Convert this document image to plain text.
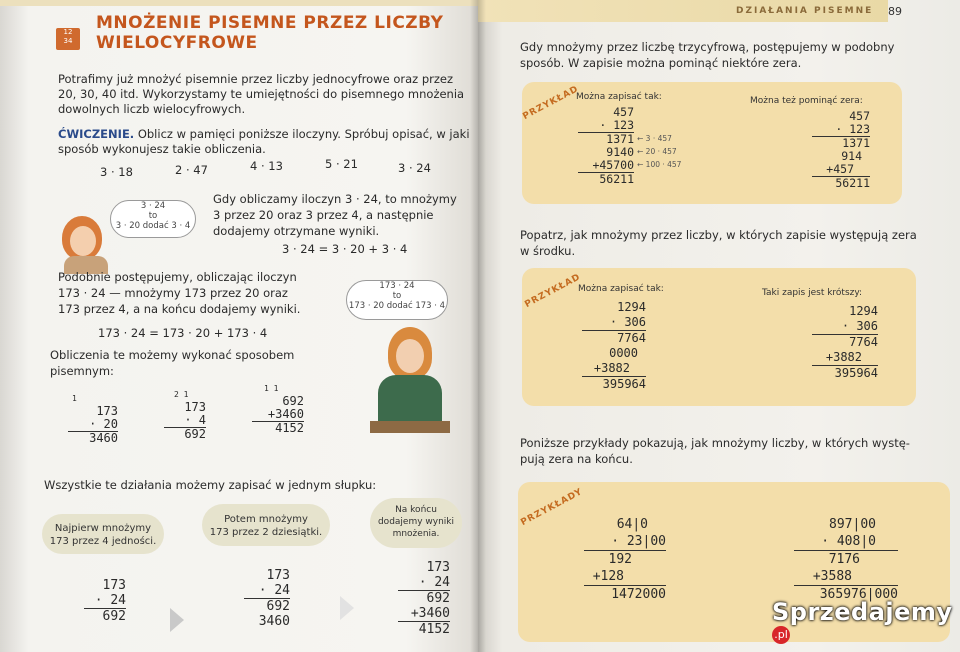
12
34
MNOŻENIE PISEMNE PRZEZ LICZBY
WIELOCYFROWE
Potrafimy już mnożyć pisemnie przez liczby jednocyfrowe oraz przez
20, 30, 40 itd. Wykorzystamy te umiejętności do pisemnego mnożenia
dowolnych liczb wielocyfrowych.
ĆWICZENIE. Oblicz w pamięci poniższe iloczyny. Spróbuj opisać, w jaki
sposób wykonujesz takie obliczenia.
3 · 18	2 · 47	4 · 13	5 · 21	3 · 24
3 · 24
to
3 · 20 dodać 3 · 4
Gdy obliczamy iloczyn 3 · 24, to mnożymy
3 przez 20 oraz 3 przez 4, a następnie
dodajemy otrzymane wyniki.
3 · 24 = 3 · 20 + 3 · 4
Podobnie postępujemy, obliczając iloczyn
173 · 24 — mnożymy 173 przez 20 oraz
173 przez 4, a na końcu dodajemy wyniki.
173 · 24 = 173 · 20 + 173 · 4
173 · 24
to
173 · 20 dodać 173 · 4
Obliczenia te możemy wykonać sposobem
pisemnym:
1
173
· 20
3460
2 1
173
· 4
692
1 1
692
+3460
4152
Wszystkie te działania możemy zapisać w jednym słupku:
Najpierw mnożymy
173 przez 4 jedności.
Potem mnożymy
173 przez 2 dziesiątki.
Na końcu
dodajemy wyniki
mnożenia.
173
· 24
692
173
· 24
692
3460
173
· 24
692
+3460
4152
DZIAŁANIA PISEMNE 89
Gdy mnożymy przez liczbę trzycyfrową, postępujemy w podobny
sposób. W zapisie można pominąć niektóre zera.
PRZYKŁAD
Można zapisać tak:	Można też pominąć zera:
457
· 123
1371
9140
+45700
56211
← 3 · 457
← 20 · 457
← 100 · 457
457
· 123
1371
914
+457
56211
Popatrz, jak mnożymy przez liczby, w których zapisie występują zera
w środku.
PRZYKŁAD
Można zapisać tak:	Taki zapis jest krótszy:
1294
· 306
7764
0000
+3882
395964
1294
· 306
7764
+3882
395964
Poniższe przykłady pokazują, jak mnożymy liczby, w których wystę-
pują zera na końcu.
PRZYKŁADY	64|0
· 23|00
192
+128
1472000
897|00
· 408|0
7176
+3588
365976|000
Sprzedajemy .pl
